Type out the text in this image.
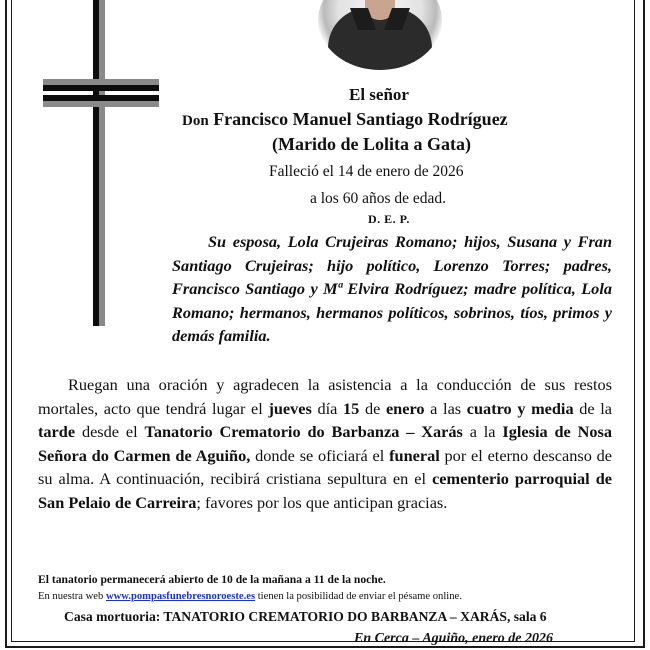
El señor
Don Francisco Manuel Santiago Rodríguez
(Marido de Lolita a Gata)
Falleció el 14 de enero de 2026
a los 60 años de edad.
D. E. P.
Su esposa, Lola Crujeiras Romano; hijos, Susana y Fran Santiago Crujeiras; hijo político, Lorenzo Torres; padres, Francisco Santiago y Mª Elvira Rodríguez; madre política, Lola Romano; hermanos, hermanos políticos, sobrinos, tíos, primos y demás familia.
Ruegan una oración y agradecen la asistencia a la conducción de sus restos mortales, acto que tendrá lugar el jueves día 15 de enero a las cuatro y media de la tarde desde el Tanatorio Crematorio do Barbanza – Xarás a la Iglesia de Nosa Señora do Carmen de Aguiño, donde se oficiará el funeral por el eterno descanso de su alma. A continuación, recibirá cristiana sepultura en el cementerio parroquial de San Pelaio de Carreira; favores por los que anticipan gracias.
El tanatorio permanecerá abierto de 10 de la mañana a 11 de la noche.
En nuestra web www.pompasfunebresnoroeste.es tienen la posibilidad de enviar el pésame online.
Casa mortuoria: TANATORIO CREMATORIO DO BARBANZA – XARÁS, sala 6
En Cerca – Aguiño, enero de 2026
